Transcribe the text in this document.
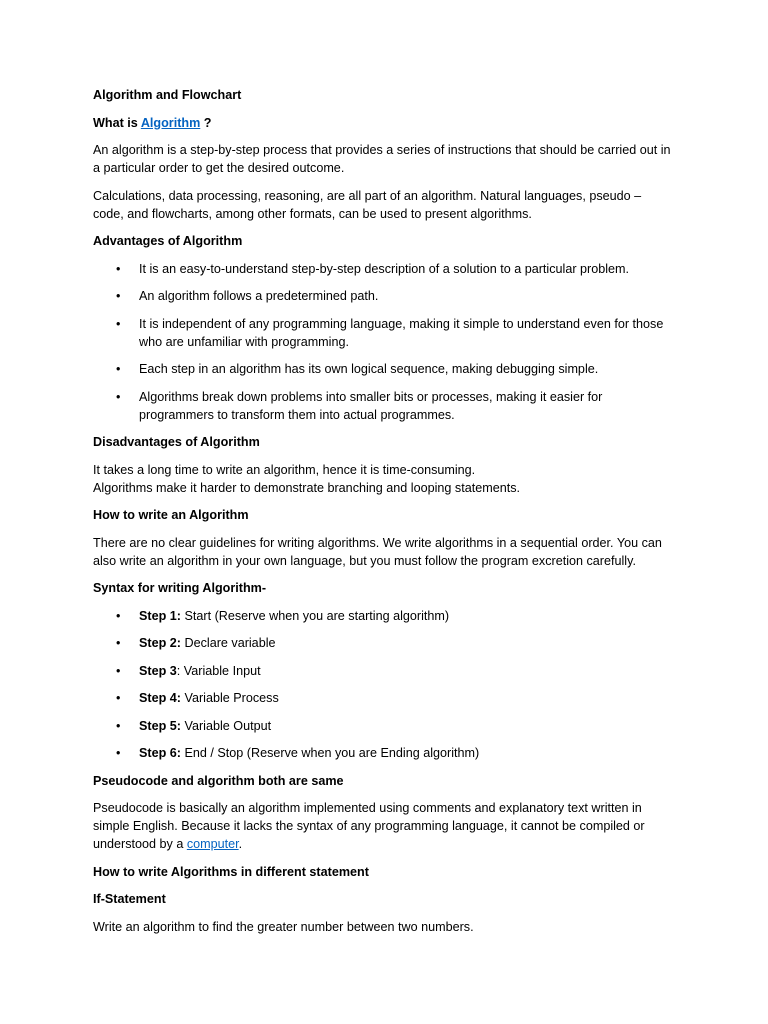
Algorithm and Flowchart

What is Algorithm ?

An algorithm is a step-by-step process that provides a series of instructions that should be carried out in a particular order to get the desired outcome.

Calculations, data processing, reasoning, are all part of an algorithm. Natural languages, pseudo – code, and flowcharts, among other formats, can be used to present algorithms.

Advantages of Algorithm

• It is an easy-to-understand step-by-step description of a solution to a particular problem.
• An algorithm follows a predetermined path.
• It is independent of any programming language, making it simple to understand even for those who are unfamiliar with programming.
• Each step in an algorithm has its own logical sequence, making debugging simple.
• Algorithms break down problems into smaller bits or processes, making it easier for programmers to transform them into actual programmes.

Disadvantages of Algorithm

It takes a long time to write an algorithm, hence it is time-consuming.
Algorithms make it harder to demonstrate branching and looping statements.

How to write an Algorithm

There are no clear guidelines for writing algorithms. We write algorithms in a sequential order. You can also write an algorithm in your own language, but you must follow the program excretion carefully.

Syntax for writing Algorithm-

• Step 1: Start (Reserve when you are starting algorithm)
• Step 2: Declare variable
• Step 3: Variable Input
• Step 4: Variable Process
• Step 5: Variable Output
• Step 6: End / Stop (Reserve when you are Ending algorithm)

Pseudocode and algorithm both are same

Pseudocode is basically an algorithm implemented using comments and explanatory text written in simple English. Because it lacks the syntax of any programming language, it cannot be compiled or understood by a computer.

How to write Algorithms in different statement

If-Statement

Write an algorithm to find the greater number between two numbers.
